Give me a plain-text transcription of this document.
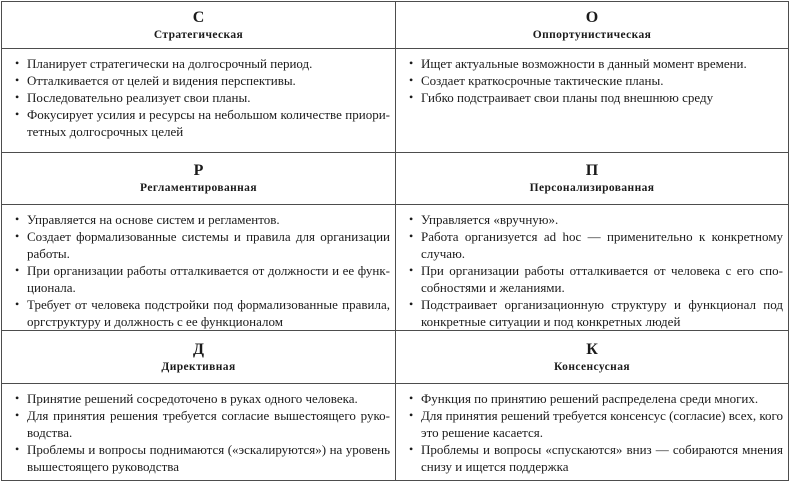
С
Стратегическая
О
Оппортунистическая
• Планирует стратегически на долгосрочный период.
• Отталкивается от целей и видения перспективы.
• Последовательно реализует свои планы.
• Фокусирует усилия и ресурсы на небольшом количестве приоритетных долгосрочных целей
• Ищет актуальные возможности в данный момент времени.
• Создает краткосрочные тактические планы.
• Гибко подстраивает свои планы под внешнюю среду
Р
Регламентированная
П
Персонализированная
• Управляется на основе систем и регламентов.
• Создает формализованные системы и правила для организации работы.
• При организации работы отталкивается от должности и ее функционала.
• Требует от человека подстройки под формализованные правила, оргструктуру и должность с ее функционалом
• Управляется «вручную».
• Работа организуется ad hoc — применительно к конкретному случаю.
• При организации работы отталкивается от человека с его способностями и желаниями.
• Подстраивает организационную структуру и функционал под конкретные ситуации и под конкретных людей
Д
Директивная
К
Консенсусная
• Принятие решений сосредоточено в руках одного человека.
• Для принятия решения требуется согласие вышестоящего руководства.
• Проблемы и вопросы поднимаются («эскалируются») на уровень вышестоящего руководства
• Функция по принятию решений распределена среди многих.
• Для принятия решений требуется консенсус (согласие) всех, кого это решение касается.
• Проблемы и вопросы «спускаются» вниз — собираются мнения снизу и ищется поддержка
